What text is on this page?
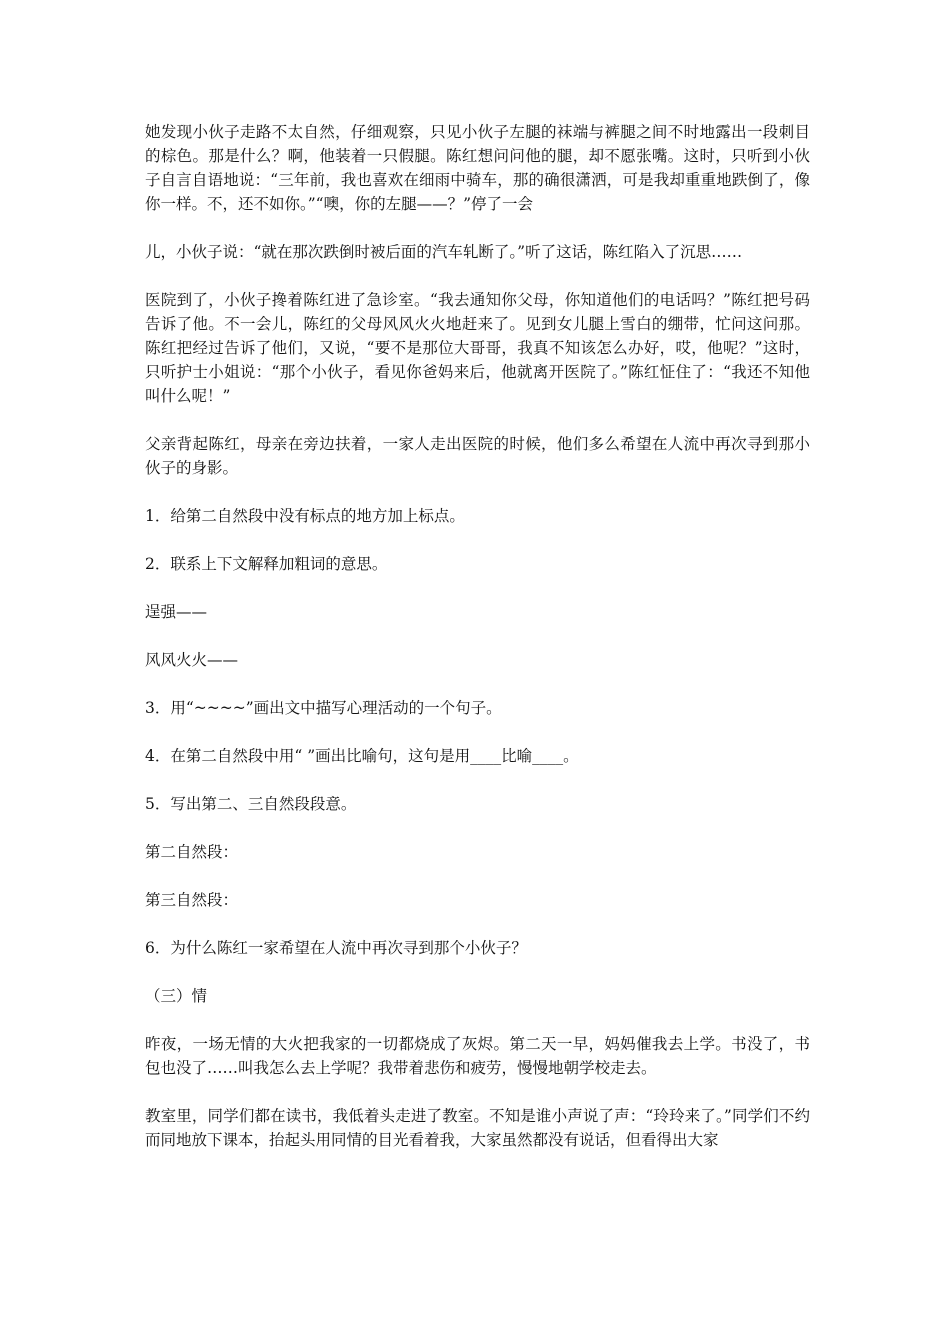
她发现小伙子走路不太自然，仔细观察，只见小伙子左腿的袜端与裤腿之间不时地露出一段刺目的棕色。那是什么？啊，他装着一只假腿。陈红想问问他的腿，却不愿张嘴。这时，只听到小伙子自言自语地说：“三年前，我也喜欢在细雨中骑车，那的确很潇洒，可是我却重重地跌倒了，像你一样。不，还不如你。”“噢，你的左腿——？”停了一会

儿，小伙子说：“就在那次跌倒时被后面的汽车轧断了。”听了这话，陈红陷入了沉思……

医院到了，小伙子搀着陈红进了急诊室。“我去通知你父母，你知道他们的电话吗？”陈红把号码告诉了他。不一会儿，陈红的父母风风火火地赶来了。见到女儿腿上雪白的绷带，忙问这问那。陈红把经过告诉了他们，又说，“要不是那位大哥哥，我真不知该怎么办好，哎，他呢？”这时，只听护士小姐说：“那个小伙子，看见你爸妈来后，他就离开医院了。”陈红怔住了：“我还不知他叫什么呢！”

父亲背起陈红，母亲在旁边扶着，一家人走出医院的时候，他们多么希望在人流中再次寻到那小伙子的身影。

1．给第二自然段中没有标点的地方加上标点。

2．联系上下文解释加粗词的意思。

逞强——

风风火火——

3．用“~~~~”画出文中描写心理活动的一个句子。

4．在第二自然段中用“ ”画出比喻句，这句是用____比喻____。

5．写出第二、三自然段段意。

第二自然段：

第三自然段：

6．为什么陈红一家希望在人流中再次寻到那个小伙子？

（三）情

昨夜，一场无情的大火把我家的一切都烧成了灰烬。第二天一早，妈妈催我去上学。书没了，书包也没了……叫我怎么去上学呢？我带着悲伤和疲劳，慢慢地朝学校走去。

教室里，同学们都在读书，我低着头走进了教室。不知是谁小声说了声：“玲玲来了。”同学们不约而同地放下课本，抬起头用同情的目光看着我，大家虽然都没有说话，但看得出大家
